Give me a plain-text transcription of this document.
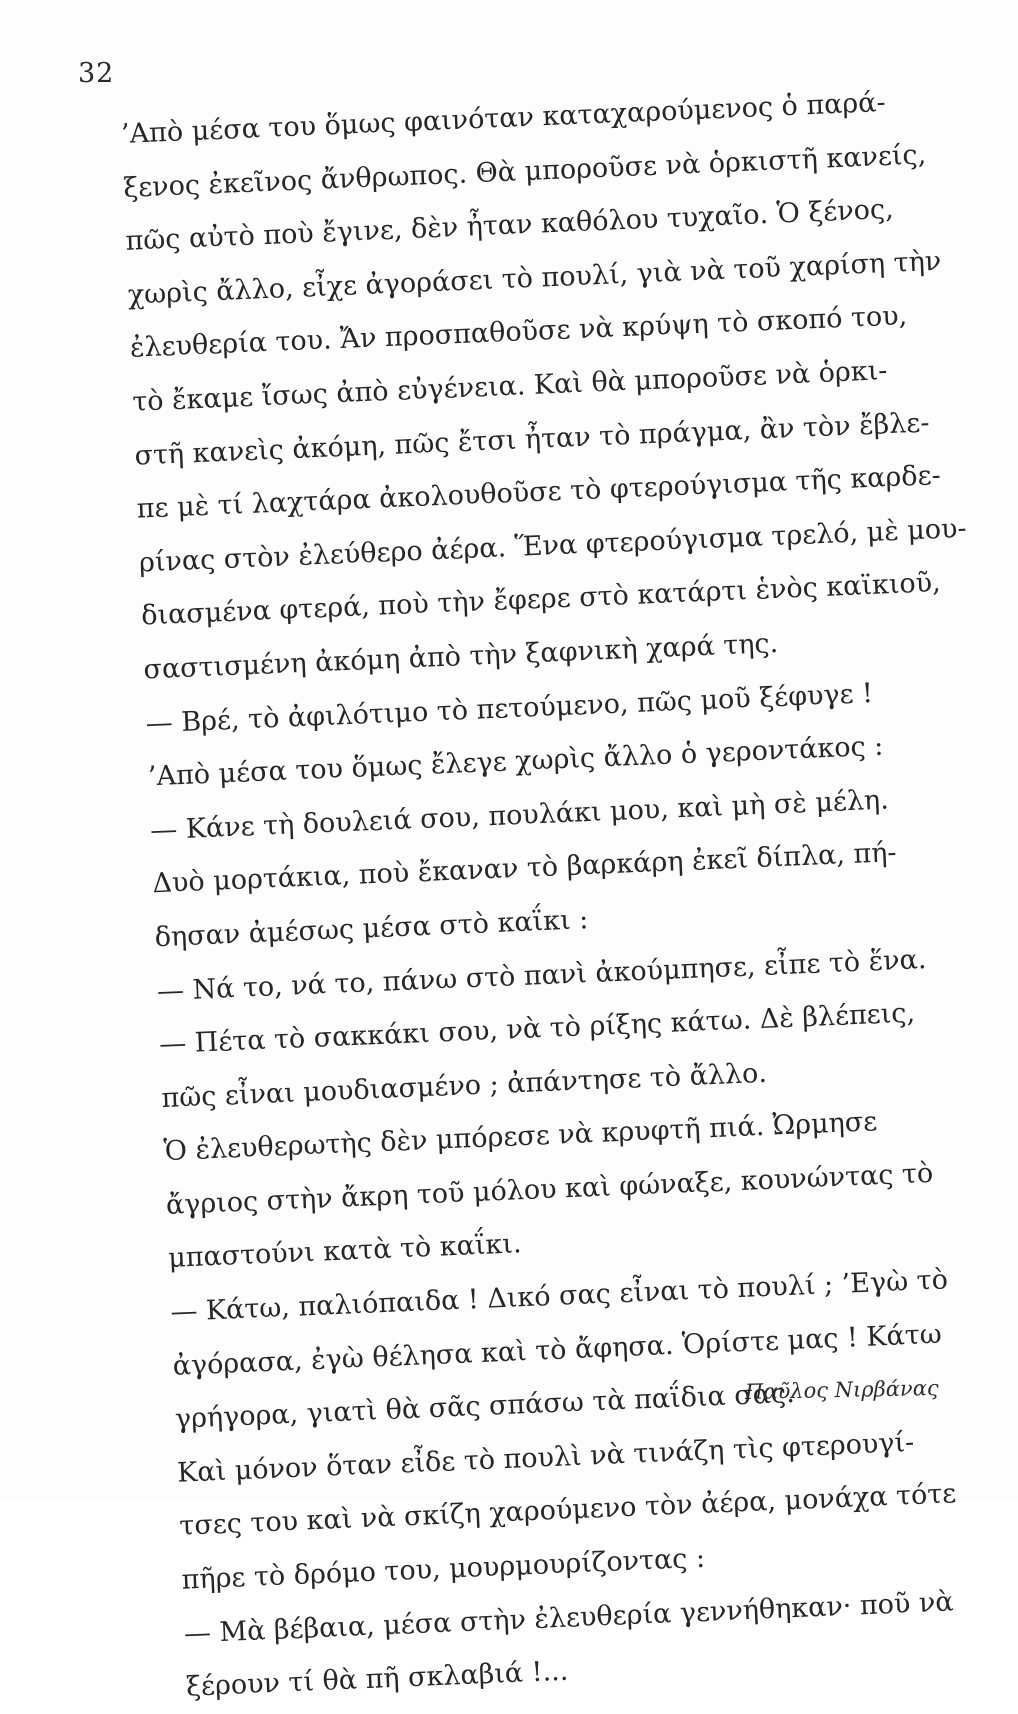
32
’Απὸ μέσα του ὅμως φαινόταν καταχαρούμενος ὁ παρά-
ξενος ἐκεῖνος ἄνθρωπος. Θὰ μποροῦσε νὰ ὁρκιστῆ κανείς,
πῶς αὐτὸ ποὺ ἔγινε, δὲν ἦταν καθόλου τυχαῖο. Ὁ ξένος,
χωρὶς ἄλλο, εἶχε ἀγοράσει τὸ πουλί, γιὰ νὰ τοῦ χαρίση τὴν
ἐλευθερία του. Ἄν προσπαθοῦσε νὰ κρύψη τὸ σκοπό του,
τὸ ἔκαμε ἴσως ἀπὸ εὐγένεια. Καὶ θὰ μποροῦσε νὰ ὁρκι-
στῆ κανεὶς ἀκόμη, πῶς ἔτσι ἦταν τὸ πράγμα, ἂν τὸν ἔβλε-
πε μὲ τί λαχτάρα ἀκολουθοῦσε τὸ φτερούγισμα τῆς καρδε-
ρίνας στὸν ἐλεύθερο ἀέρα. Ἕνα φτερούγισμα τρελό, μὲ μου-
διασμένα φτερά, ποὺ τὴν ἔφερε στὸ κατάρτι ἑνὸς καϊκιοῦ,
σαστισμένη ἀκόμη ἀπὸ τὴν ξαφνικὴ χαρά της.
— Βρέ, τὸ ἀφιλότιμο τὸ πετούμενο, πῶς μοῦ ξέφυγε !
’Απὸ μέσα του ὅμως ἔλεγε χωρὶς ἄλλο ὁ γεροντάκος :
— Κάνε τὴ δουλειά σου, πουλάκι μου, καὶ μὴ σὲ μέλη.
Δυὸ μορτάκια, ποὺ ἔκαναν τὸ βαρκάρη ἐκεῖ δίπλα, πή-
δησαν ἀμέσως μέσα στὸ καΐκι :
— Νά το, νά το, πάνω στὸ πανὶ ἀκούμπησε, εἶπε τὸ ἕνα.
— Πέτα τὸ σακκάκι σου, νὰ τὸ ρίξης κάτω. Δὲ βλέπεις,
πῶς εἶναι μουδιασμένο ; ἀπάντησε τὸ ἄλλο.
Ὁ ἐλευθερωτὴς δὲν μπόρεσε νὰ κρυφτῆ πιά. Ὠρμησε
ἄγριος στὴν ἄκρη τοῦ μόλου καὶ φώναξε, κουνώντας τὸ
μπαστούνι κατὰ τὸ καΐκι.
— Κάτω, παλιόπαιδα ! Δικό σας εἶναι τὸ πουλί ; ’Εγὼ τὸ
ἀγόρασα, ἐγὼ θέλησα καὶ τὸ ἄφησα. Ὁρίστε μας ! Κάτω
γρήγορα, γιατὶ θὰ σᾶς σπάσω τὰ παΐδια σας.
Καὶ μόνον ὅταν εἶδε τὸ πουλὶ νὰ τινάζη τὶς φτερουγί-
τσες του καὶ νὰ σκίζη χαρούμενο τὸν ἀέρα, μονάχα τότε
πῆρε τὸ δρόμο του, μουρμουρίζοντας :
— Μὰ βέβαια, μέσα στὴν ἐλευθερία γεννήθηκαν· ποῦ νὰ
ξέρουν τί θὰ πῆ σκλαβιά !...
Παῦλος Νιρβάνας
